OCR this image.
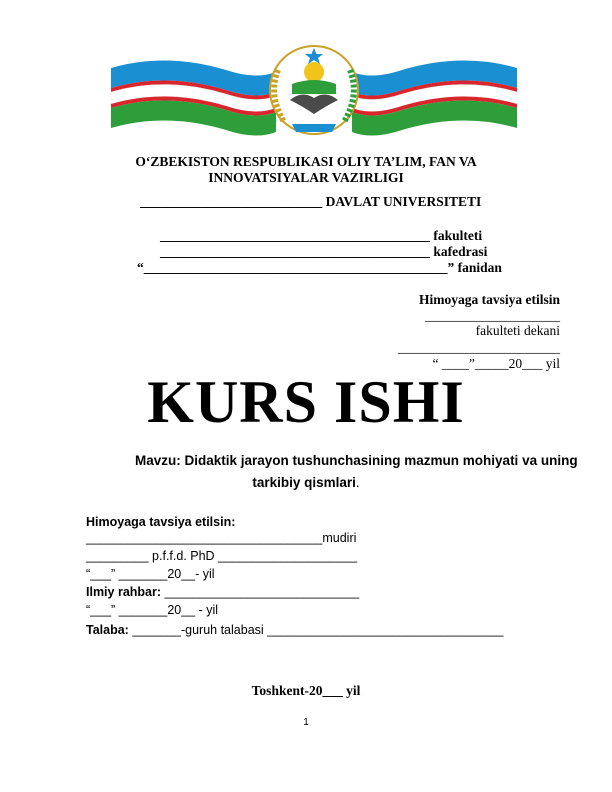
O‘ZBEKISTON RESPUBLIKASI OLIY TA’LIM, FAN VA
INNOVATSIYALAR VAZIRLIGI
___________________________ DAVLAT UNIVERSITETI
________________________________________ fakulteti
________________________________________ kafedrasi
“_____________________________________________” fanidan
Himoyaga tavsiya etilsin
____________________
fakulteti dekani
________________________
“ ____”_____20___ yil
KURS ISHI
Mavzu: Didaktik jarayon tushunchasining mazmun mohiyati va uning
tarkibiy qismlari.
Himoyaga tavsiya etilsin:
__________________________________mudiri
_________ p.f.f.d. PhD ____________________
“___” _______20__- yil
Ilmiy rahbar: ____________________________
“___” _______20__ - yil
Talaba: _______-guruh talabasi __________________________________
Toshkent-20___ yil
1
